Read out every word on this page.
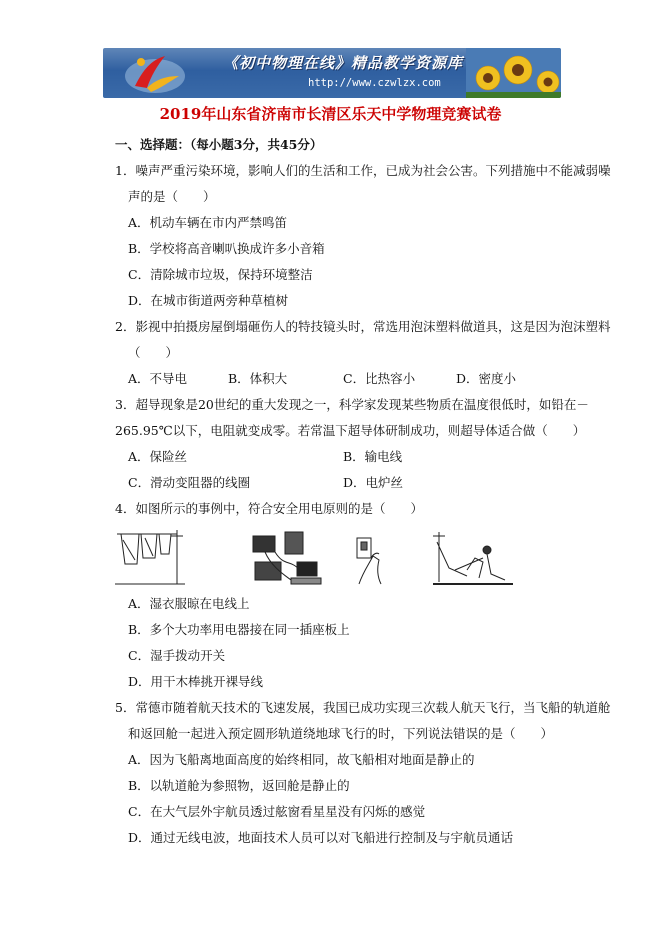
《初中物理在线》精品教学资源库
http://www.czwlzx.com
2019年山东省济南市长清区乐天中学物理竞赛试卷
一、选择题：（每小题3分，共45分）
1．噪声严重污染环境，影响人们的生活和工作，已成为社会公害。下列措施中不能减弱噪
声的是（　　）
A．机动车辆在市内严禁鸣笛
B．学校将高音喇叭换成许多小音箱
C．清除城市垃圾，保持环境整洁
D．在城市街道两旁种草植树
2．影视中拍摄房屋倒塌砸伤人的特技镜头时，常选用泡沫塑料做道具，这是因为泡沫塑料
（　　）
A．不导电	B．体积大	C．比热容小	D．密度小
3．超导现象是20世纪的重大发现之一，科学家发现某些物质在温度很低时，如铅在－
265.95℃以下，电阻就变成零。若常温下超导体研制成功，则超导体适合做（　　）
A．保险丝	B．输电线
C．滑动变阻器的线圈	D．电炉丝
4．如图所示的事例中，符合安全用电原则的是（　　）
A．湿衣服晾在电线上
B．多个大功率用电器接在同一插座板上
C．湿手拨动开关
D．用干木棒挑开裸导线
5．常德市随着航天技术的飞速发展，我国已成功实现三次载人航天飞行，当飞船的轨道舱
和返回舱一起进入预定圆形轨道绕地球飞行的时，下列说法错误的是（　　）
A．因为飞船离地面高度的始终相同，故飞船相对地面是静止的
B．以轨道舱为参照物，返回舱是静止的
C．在大气层外宇航员透过舷窗看星星没有闪烁的感觉
D．通过无线电波，地面技术人员可以对飞船进行控制及与宇航员通话
